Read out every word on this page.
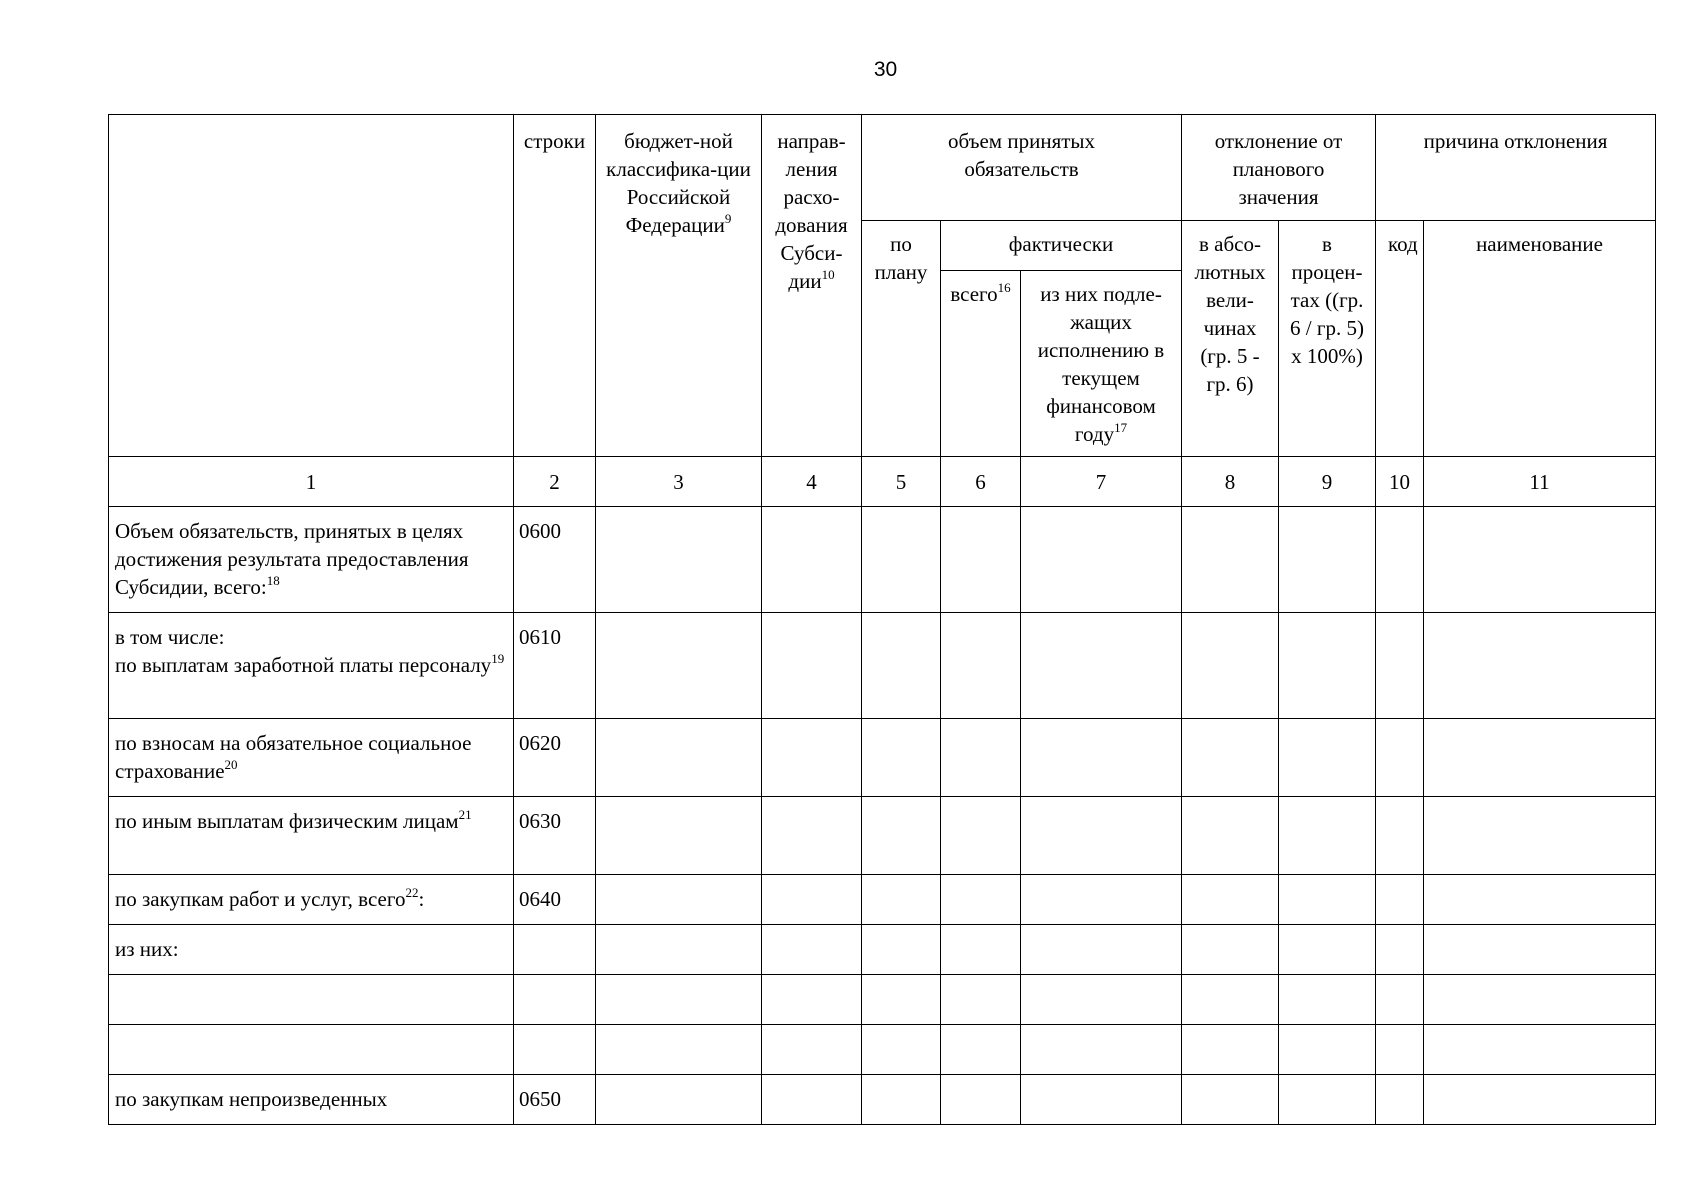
30

	строки	бюджет-ной классифика-ции Российской Федерации$^9$	направ-ления расхо-дования Субси-дии$^{10}$	объем принятых обязательств			отклонение от планового значения		причина отклонения	

				по плану	фактически		в абсо-лютных вели-чинах (гр. 5 - гр. 6)	в процен-тах ((гр. 6 / гр. 5) x 100%)	код	наименование

					всего$^{16}$	из них подле-жащих исполнению в текущем финансовом году$^{17}$

1	2	3	4	5	6	7	8	9	10	11
Объем обязательств, принятых в целях достижения результата предоставления Субсидии, всего:$^{18}$	0600									
в том числе:
по выплатам заработной платы персоналу$^{19}$	0610									
по взносам на обязательное социальное страхование$^{20}$	0620									
по иным выплатам физическим лицам$^{21}$	0630									
по закупкам работ и услуг, всего$^{22}$:	0640									
из них:										

по закупкам непроизведенных	0650									
